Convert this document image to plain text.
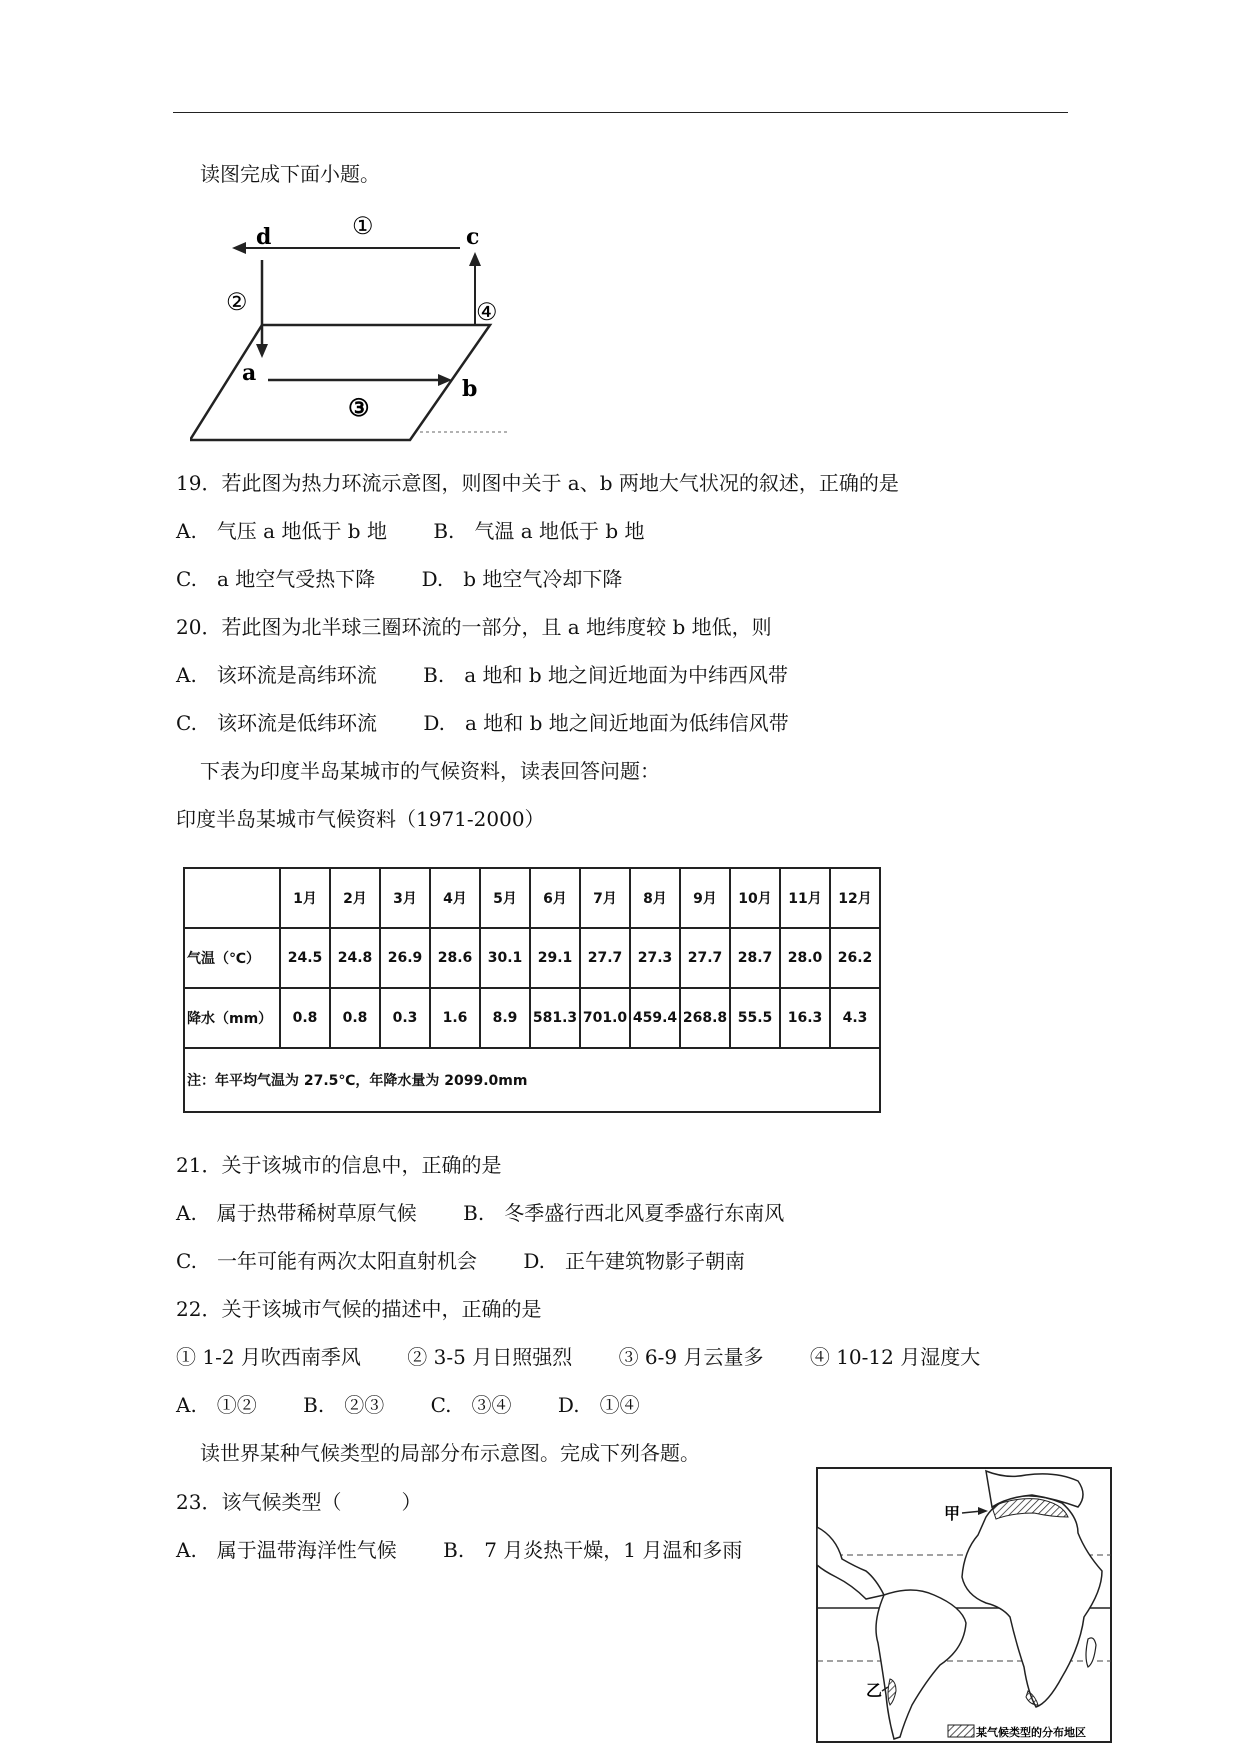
读图完成下面小题。
d	c
a
b
①
②
③
④
19．若此图为热力环流示意图，则图中关于 a、b 两地大气状况的叙述，正确的是
A.　气压 a 地低于 b 地 B.　气温 a 地低于 b 地
C.　a 地空气受热下降 D.　b 地空气冷却下降
20．若此图为北半球三圈环流的一部分，且 a 地纬度较 b 地低，则
A.　该环流是高纬环流 B.　a 地和 b 地之间近地面为中纬西风带
C.　该环流是低纬环流 D.　a 地和 b 地之间近地面为低纬信风带
下表为印度半岛某城市的气候资料，读表回答问题：
印度半岛某城市气候资料（1971-2000）
	1月	2月	3月	4月	5月	6月	7月	8月	9月	10月	11月	12月
气温（℃）	24.5	24.8	26.9	28.6	30.1	29.1	27.7	27.3	27.7	28.7	28.0	26.2
降水（mm）	0.8	0.8	0.3	1.6	8.9	581.3	701.0	459.4	268.8	55.5	16.3	4.3
注：年平均气温为 27.5℃，年降水量为 2099.0mm												
21．关于该城市的信息中，正确的是
A.　属于热带稀树草原气候 B.　冬季盛行西北风夏季盛行东南风
C.　一年可能有两次太阳直射机会 D.　正午建筑物影子朝南
22．关于该城市气候的描述中，正确的是
① 1-2 月吹西南季风 ② 3-5 月日照强烈 ③ 6-9 月云量多 ④ 10-12 月湿度大
A.　①② B.　②③ C.　③④ D.　①④
读世界某种气候类型的局部分布示意图。完成下列各题。
23．该气候类型（　　　）
A.　属于温带海洋性气候 B.　7 月炎热干燥，1 月温和多雨
甲
乙
某气候类型的分布地区
